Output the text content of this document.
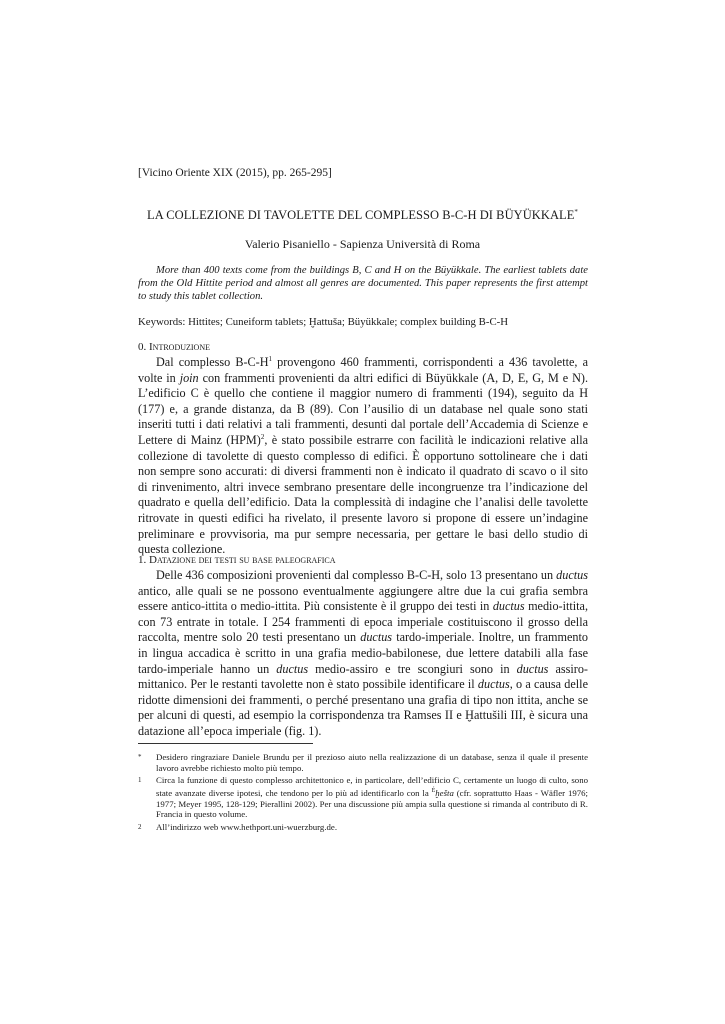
[Vicino Oriente XIX (2015), pp. 265-295]
LA COLLEZIONE DI TAVOLETTE DEL COMPLESSO B-C-H DI BÜYÜKKALE*
Valerio Pisaniello - Sapienza Università di Roma
More than 400 texts come from the buildings B, C and H on the Büyükkale. The earliest tablets date from the Old Hittite period and almost all genres are documented. This paper represents the first attempt to study this tablet collection.
Keywords: Hittites; Cuneiform tablets; Ḫattuša; Büyükkale; complex building B-C-H
0. Introduzione

Dal complesso $B-C-H^1$ provengono 460 frammenti, corrispondenti a 436 tavolette, a volte in join con frammenti provenienti da altri edifici di Büyükkale (A, D, E, G, M e N). L’edificio C è quello che contiene il maggior numero di frammenti (194), seguito da H (177) e, a grande distanza, da B (89). Con l’ausilio di un database nel quale sono stati inseriti tutti i dati relativi a tali frammenti, desunti dal portale dell’Accademia di Scienze e Lettere di Mainz (HPM)$^2$, è stato possibile estrarre con facilità le indicazioni relative alla collezione di tavolette di questo complesso di edifici. È opportuno sottolineare che i dati non sempre sono accurati: di diversi frammenti non è indicato il quadrato di scavo o il sito di rinvenimento, altri invece sembrano presentare delle incongruenze tra l’indicazione del quadrato e quella dell’edificio. Data la complessità di indagine che l’analisi delle tavolette ritrovate in questi edifici ha rivelato, il presente lavoro si propone di essere un’indagine preliminare e provvisoria, ma pur sempre necessaria, per gettare le basi dello studio di questa collezione.

1. Datazione dei testi su base paleografica

Delle 436 composizioni provenienti dal complesso B-C-H, solo 13 presentano un ductus antico, alle quali se ne possono eventualmente aggiungere altre due la cui grafia sembra essere antico-ittita o medio-ittita. Più consistente è il gruppo dei testi in ductus medio-ittita, con 73 entrate in totale. I 254 frammenti di epoca imperiale costituiscono il grosso della raccolta, mentre solo 20 testi presentano un ductus tardo-imperiale. Inoltre, un frammento in lingua accadica è scritto in una grafia medio-babilonese, due lettere databili alla fase tardo-imperiale hanno un ductus medio-assiro e tre scongiuri sono in ductus assiro-mittanico. Per le restanti tavolette non è stato possibile identificare il ductus, o a causa delle ridotte dimensioni dei frammenti, o perché presentano una grafia di tipo non ittita, anche se per alcuni di questi, ad esempio la corrispondenza tra Ramses II e Ḫattušili III, è sicura una datazione all’epoca imperiale (fig. 1).

* Desidero ringraziare Daniele Brundu per il prezioso aiuto nella realizzazione di un database, senza il quale il presente lavoro avrebbe richiesto molto più tempo.
1 Circa la funzione di questo complesso architettonico e, in particolare, dell’edificio C, certamente un luogo di culto, sono state avanzate diverse ipotesi, che tendono per lo più ad identificarlo con la $^É$ḫešta (cfr. soprattutto Haas - Wäfler 1976; 1977; Meyer 1995, 128-129; Pierallini 2002). Per una discussione più ampia sulla questione si rimanda al contributo di R. Francia in questo volume.
2 All’indirizzo web www.hethport.uni-wuerzburg.de.
